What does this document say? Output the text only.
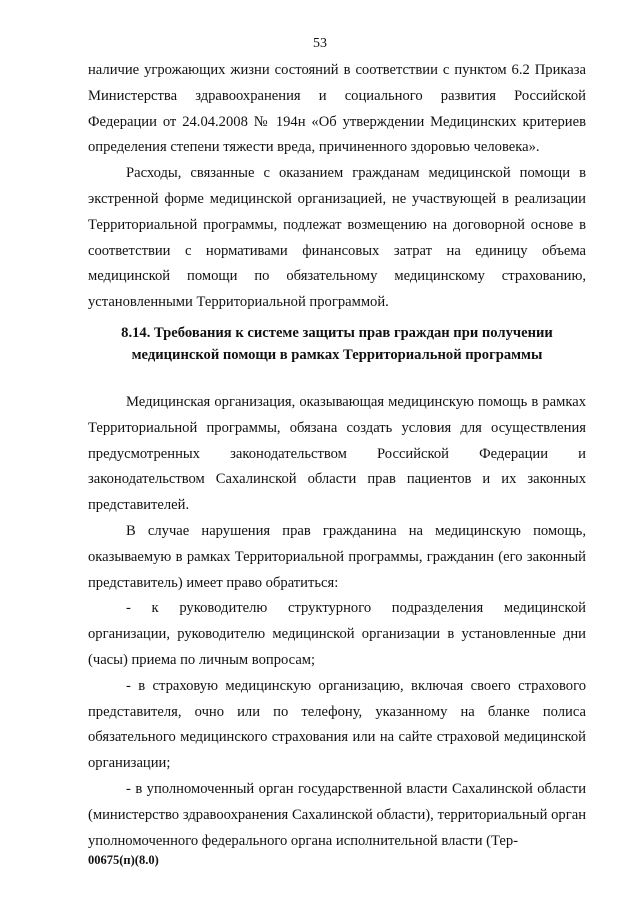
53

наличие угрожающих жизни состояний в соответствии с пунктом 6.2 Приказа Министерства здравоохранения и социального развития Российской Федерации от 24.04.2008 № 194н «Об утверждении Медицинских критериев определения степени тяжести вреда, причиненного здоровью человека».

Расходы, связанные с оказанием гражданам медицинской помощи в экстренной форме медицинской организацией, не участвующей в реализации Территориальной программы, подлежат возмещению на договорной основе в соответствии с нормативами финансовых затрат на единицу объема медицинской помощи по обязательному медицинскому страхованию, установленными Территориальной программой.

8.14. Требования к системе защиты прав граждан при получении медицинской помощи в рамках Территориальной программы

Медицинская организация, оказывающая медицинскую помощь в рамках Территориальной программы, обязана создать условия для осуществления предусмотренных законодательством Российской Федерации и законодательством Сахалинской области прав пациентов и их законных представителей.

В случае нарушения прав гражданина на медицинскую помощь, оказываемую в рамках Территориальной программы, гражданин (его законный представитель) имеет право обратиться:

- к руководителю структурного подразделения медицинской организации, руководителю медицинской организации в установленные дни (часы) приема по личным вопросам;

- в страховую медицинскую организацию, включая своего страхового представителя, очно или по телефону, указанному на бланке полиса обязательного медицинского страхования или на сайте страховой медицинской организации;

- в уполномоченный орган государственной власти Сахалинской области (министерство здравоохранения Сахалинской области), территориальный орган уполномоченного федерального органа исполнительной власти (Тер-

00675(п)(8.0)
